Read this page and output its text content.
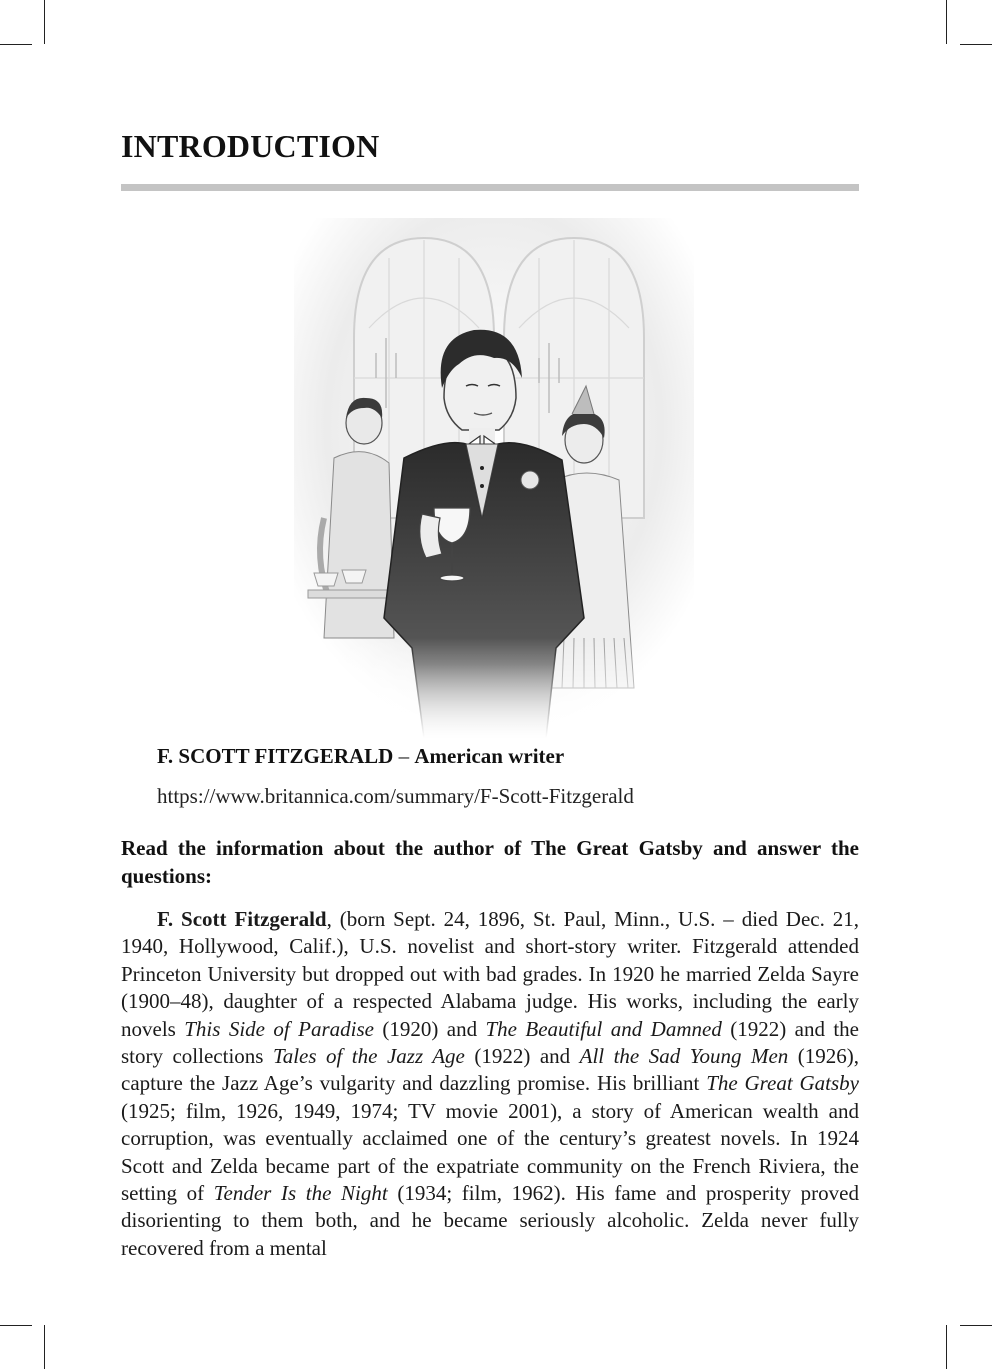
INTRODUCTION
F. SCOTT FITZGERALD – American writer
https://www.britannica.com/summary/F-Scott-Fitzgerald
Read the information about the author of The Great Gatsby and answer the questions:

F. Scott Fitzgerald, (born Sept. 24, 1896, St. Paul, Minn., U.S. – died Dec. 21, 1940, Hollywood, Calif.), U.S. novelist and short-story writer. Fitzgerald attended Princeton University but dropped out with bad grades. In 1920 he married Zelda Sayre (1900–48), daughter of a respected Alabama judge. His works, including the early novels This Side of Paradise (1920) and The Beautiful and Damned (1922) and the story collections Tales of the Jazz Age (1922) and All the Sad Young Men (1926), capture the Jazz Age’s vulgarity and dazzling promise. His brilliant The Great Gatsby (1925; film, 1926, 1949, 1974; TV movie 2001), a story of American wealth and corruption, was eventually acclaimed one of the century’s greatest novels. In 1924 Scott and Zelda became part of the expatriate community on the French Riviera, the setting of Tender Is the Night (1934; film, 1962). His fame and prosperity proved disorienting to them both, and he became seriously alcoholic. Zelda never fully recovered from a mental
